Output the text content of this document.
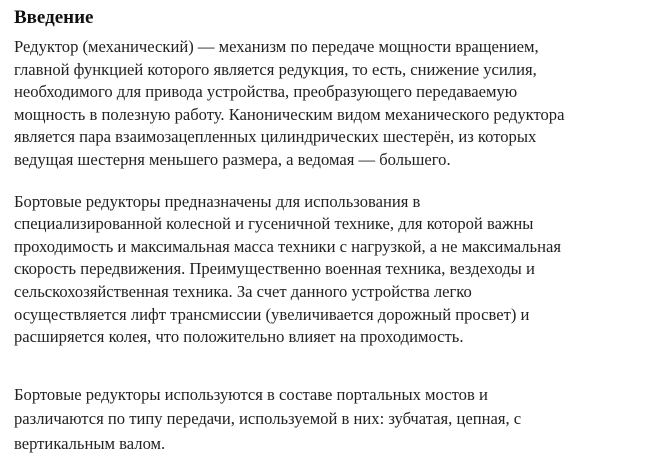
Введение

Редуктор (механический) — механизм по передаче мощности вращением,
главной функцией которого является редукция, то есть, снижение усилия,
необходимого для привода устройства, преобразующего передаваемую
мощность в полезную работу. Каноническим видом механического редуктора
является пара взаимозацепленных цилиндрических шестерён, из которых
ведущая шестерня меньшего размера, а ведомая — большего.

Бортовые редукторы предназначены для использования в
специализированной колесной и гусеничной технике, для которой важны
проходимость и максимальная масса техники с нагрузкой, а не максимальная
скорость передвижения. Преимущественно военная техника, вездеходы и
сельскохозяйственная техника. За счет данного устройства легко
осуществляется лифт трансмиссии (увеличивается дорожный просвет) и
расширяется колея, что положительно влияет на проходимость.

Бортовые редукторы используются в составе портальных мостов и
различаются по типу передачи, используемой в них: зубчатая, цепная, с
вертикальным валом.
